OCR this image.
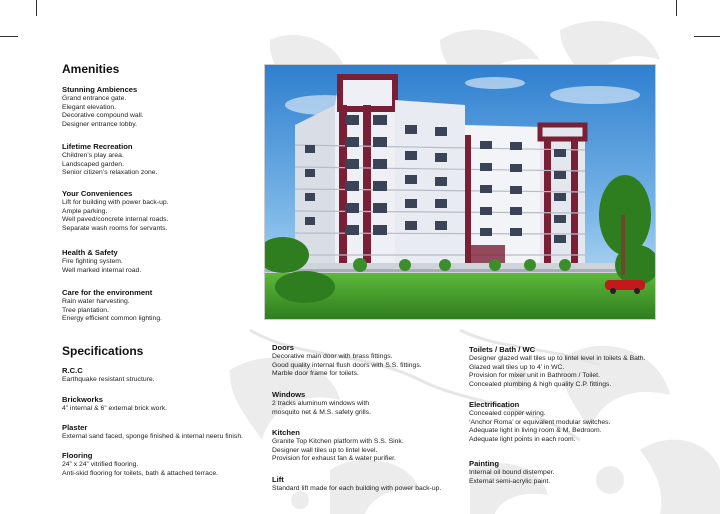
Amenities
Stunning Ambiences
Grand entrance gate.
Elegant elevation.
Decorative compound wall.
Designer entrance lobby.
Lifetime Recreation
Children’s play area.
Landscaped garden.
Senior citizen’s relaxation zone.
Your Conveniences
Lift for building with power back-up.
Ample parking.
Well paved/concrete internal roads.
Separate wash rooms for servants.
Health & Safety
Fire fighting system.
Well marked internal road.
Care for the environment
Rain water harvesting.
Tree plantation.
Energy efficient common lighting.
Specifications
R.C.C
Earthquake resistant structure.
Brickworks
4” internal & 6” external brick work.
Plaster
External sand faced, sponge finished & internal neeru finish.
Flooring
24” x 24” vitrified flooring.
Anti-skid flooring for toilets, bath & attached terrace.
Doors
Decorative main door with brass fittings.
Good quality internal flush doors with S.S. fittings.
Marble door frame for toilets.
Windows
2 tracks aluminum windows with
mosquito net & M.S. safety grills.
Kitchen
Granite Top Kitchen platform with S.S. Sink.
Designer wall tiles up to lintel level.
Provision for exhaust fan & water purifier.
Lift
Standard lift made for each building with power back-up.
Toilets / Bath / WC
Designer glazed wall tiles up to lintel level in toilets & Bath.
Glazed wall tiles up to 4’ in WC.
Provision for mixer unit in Bathroom / Toilet.
Concealed plumbing & high quality C.P. fittings.
Electrification
Concealed copper wiring.
‘Anchor Roma’ or equivalent modular switches.
Adequate light in living room & M. Bedroom.
Adequate light points in each room.
Painting
Internal oil bound distemper.
External semi-acrylic paint.
